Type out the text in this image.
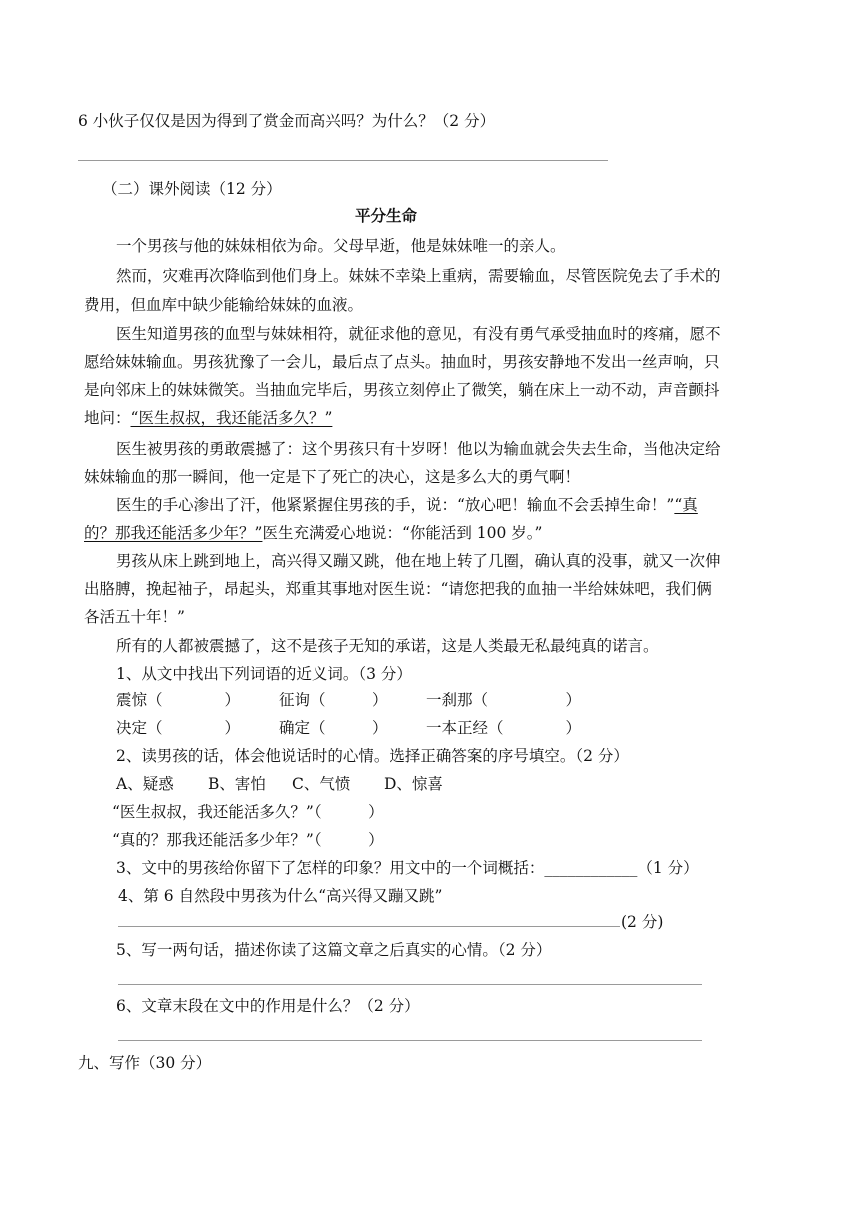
6 小伙子仅仅是因为得到了赏金而高兴吗？为什么？（2 分）
（二）课外阅读（12 分）
平分生命
一个男孩与他的妹妹相依为命。父母早逝，他是妹妹唯一的亲人。
然而，灾难再次降临到他们身上。妹妹不幸染上重病，需要输血，尽管医院免去了手术的
费用，但血库中缺少能输给妹妹的血液。
医生知道男孩的血型与妹妹相符，就征求他的意见，有没有勇气承受抽血时的疼痛，愿不
愿给妹妹输血。男孩犹豫了一会儿，最后点了点头。抽血时，男孩安静地不发出一丝声响，只
是向邻床上的妹妹微笑。当抽血完毕后，男孩立刻停止了微笑，躺在床上一动不动，声音颤抖
地问：“医生叔叔，我还能活多久？”
医生被男孩的勇敢震撼了：这个男孩只有十岁呀！他以为输血就会失去生命，当他决定给
妹妹输血的那一瞬间，他一定是下了死亡的决心，这是多么大的勇气啊！
医生的手心渗出了汗，他紧紧握住男孩的手，说：“放心吧！输血不会丢掉生命！”“真
的？那我还能活多少年？”医生充满爱心地说：“你能活到 100 岁。”
男孩从床上跳到地上，高兴得又蹦又跳，他在地上转了几圈，确认真的没事，就又一次伸
出胳膊，挽起袖子，昂起头，郑重其事地对医生说：“请您把我的血抽一半给妹妹吧，我们俩
各活五十年！”
所有的人都被震撼了，这不是孩子无知的承诺，这是人类最无私最纯真的诺言。
1、从文中找出下列词语的近义词。（3 分）
震惊（　　　　）	征询（　　　） 一刹那（　　　　　）
决定（　　　　）	确定（　　　） 一本正经（　　　　）
2、读男孩的话，体会他说话时的心情。选择正确答案的序号填空。（2 分）
A、疑惑 B、害怕 C、气愤 D、惊喜
“医生叔叔，我还能活多久？”（　　　）
“真的？那我还能活多少年？”（　　　）
3、文中的男孩给你留下了怎样的印象？用文中的一个词概括：____________（1 分）
4、第 6 自然段中男孩为什么“高兴得又蹦又跳”
(2 分)
5、写一两句话，描述你读了这篇文章之后真实的心情。（2 分）
6、文章末段在文中的作用是什么？（2 分）
九、写作（30 分）
